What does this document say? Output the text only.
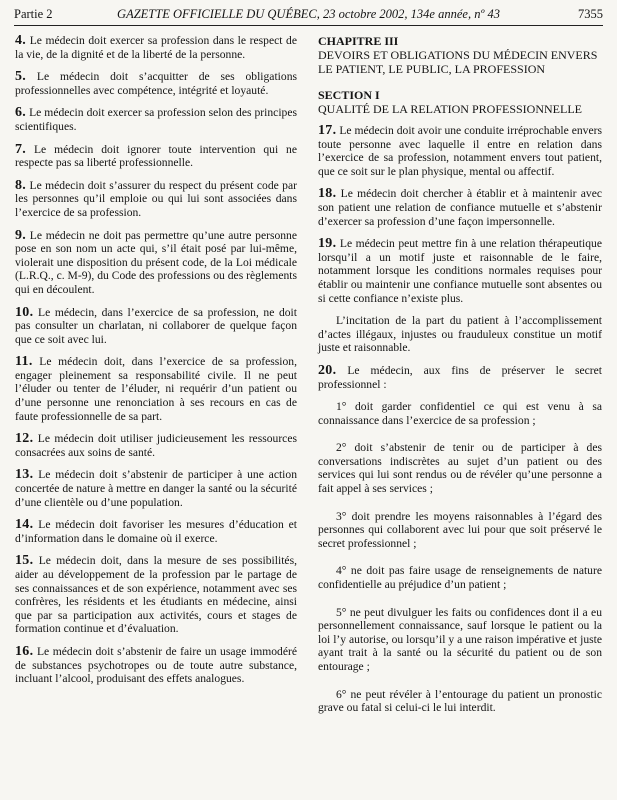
Partie 2	GAZETTE OFFICIELLE DU QUÉBEC, 23 octobre 2002, 134e année, nº 43	7355

4. Le médecin doit exercer sa profession dans le respect de la vie, de la dignité et de la liberté de la personne.

5. Le médecin doit s’acquitter de ses obligations professionnelles avec compétence, intégrité et loyauté.

6. Le médecin doit exercer sa profession selon des principes scientifiques.

7. Le médecin doit ignorer toute intervention qui ne respecte pas sa liberté professionnelle.

8. Le médecin doit s’assurer du respect du présent code par les personnes qu’il emploie ou qui lui sont associées dans l’exercice de sa profession.

9. Le médecin ne doit pas permettre qu’une autre personne pose en son nom un acte qui, s’il était posé par lui-même, violerait une disposition du présent code, de la Loi médicale (L.R.Q., c. M-9), du Code des professions ou des règlements qui en découlent.

10. Le médecin, dans l’exercice de sa profession, ne doit pas consulter un charlatan, ni collaborer de quelque façon que ce soit avec lui.

11. Le médecin doit, dans l’exercice de sa profession, engager pleinement sa responsabilité civile. Il ne peut l’éluder ou tenter de l’éluder, ni requérir d’un patient ou d’une personne une renonciation à ses recours en cas de faute professionnelle de sa part.

12. Le médecin doit utiliser judicieusement les ressources consacrées aux soins de santé.

13. Le médecin doit s’abstenir de participer à une action concertée de nature à mettre en danger la santé ou la sécurité d’une clientèle ou d’une population.

14. Le médecin doit favoriser les mesures d’éducation et d’information dans le domaine où il exerce.

15. Le médecin doit, dans la mesure de ses possibilités, aider au développement de la profession par le partage de ses connaissances et de son expérience, notamment avec ses confrères, les résidents et les étudiants en médecine, ainsi que par sa participation aux activités, cours et stages de formation continue et d’évaluation.

16. Le médecin doit s’abstenir de faire un usage immodéré de substances psychotropes ou de toute autre substance, incluant l’alcool, produisant des effets analogues.

CHAPITRE III
DEVOIRS ET OBLIGATIONS DU MÉDECIN ENVERS LE PATIENT, LE PUBLIC, LA PROFESSION
SECTION I
QUALITÉ DE LA RELATION PROFESSIONNELLE

17. Le médecin doit avoir une conduite irréprochable envers toute personne avec laquelle il entre en relation dans l’exercice de sa profession, notamment envers tout patient, que ce soit sur le plan physique, mental ou affectif.

18. Le médecin doit chercher à établir et à maintenir avec son patient une relation de confiance mutuelle et s’abstenir d’exercer sa profession d’une façon impersonnelle.

19. Le médecin peut mettre fin à une relation thérapeutique lorsqu’il a un motif juste et raisonnable de le faire, notamment lorsque les conditions normales requises pour établir ou maintenir une confiance mutuelle sont absentes ou si cette confiance n’existe plus.

L’incitation de la part du patient à l’accomplissement d’actes illégaux, injustes ou frauduleux constitue un motif juste et raisonnable.

20. Le médecin, aux fins de préserver le secret professionnel :

1° doit garder confidentiel ce qui est venu à sa connaissance dans l’exercice de sa profession ;

2° doit s’abstenir de tenir ou de participer à des conversations indiscrètes au sujet d’un patient ou des services qui lui sont rendus ou de révéler qu’une personne a fait appel à ses services ;

3° doit prendre les moyens raisonnables à l’égard des personnes qui collaborent avec lui pour que soit préservé le secret professionnel ;

4° ne doit pas faire usage de renseignements de nature confidentielle au préjudice d’un patient ;

5° ne peut divulguer les faits ou confidences dont il a eu personnellement connaissance, sauf lorsque le patient ou la loi l’y autorise, ou lorsqu’il y a une raison impérative et juste ayant trait à la santé ou la sécurité du patient ou de son entourage ;

6° ne peut révéler à l’entourage du patient un pronostic grave ou fatal si celui-ci le lui interdit.
